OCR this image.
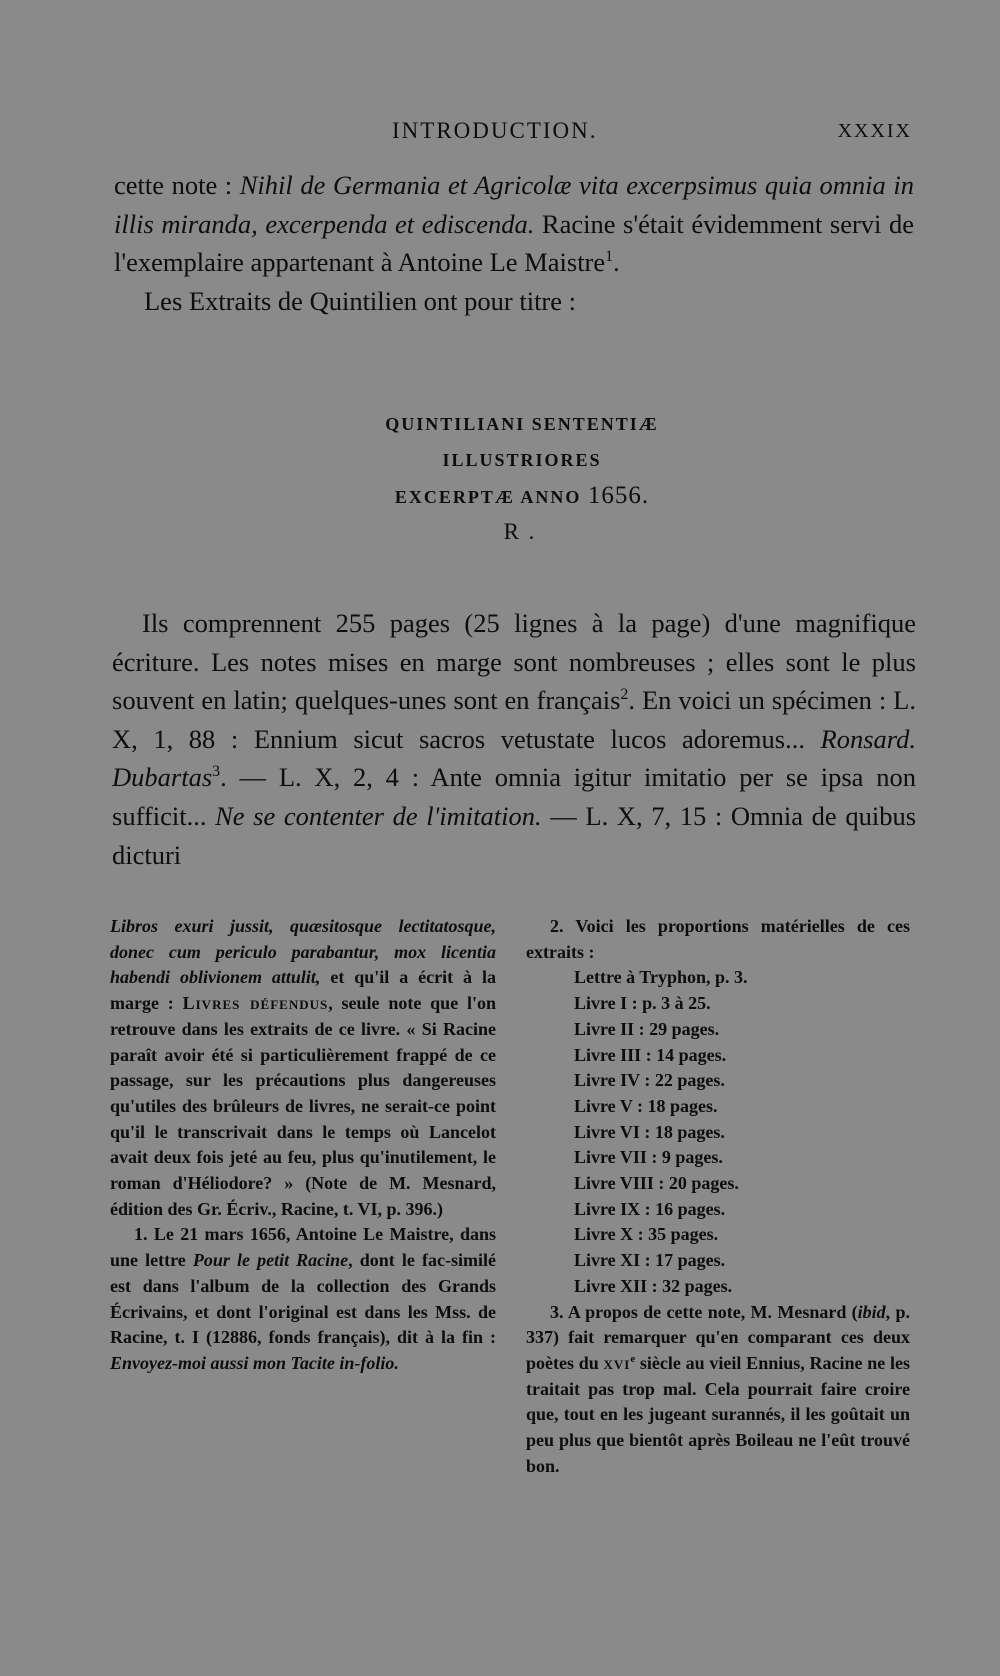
INTRODUCTION.	XXXIX

cette note : Nihil de Germania et Agricolæ vita excerpsimus quia omnia in illis miranda, excerpenda et ediscenda. Racine s'était évidemment servi de l'exemplaire appartenant à Antoine Le Maistre$^1$.

Les Extraits de Quintilien ont pour titre :

QUINTILIANI SENTENTIÆ
ILLUSTRIORES
EXCERPTÆ ANNO 1656.
R .

Ils comprennent 255 pages (25 lignes à la page) d'une magnifique écriture. Les notes mises en marge sont nombreuses ; elles sont le plus souvent en latin; quelques-unes sont en français$^2$. En voici un spécimen : L. X, 1, 88 : Ennium sicut sacros vetustate lucos adoremus... Ronsard. Dubartas$^3$. — L. X, 2, 4 : Ante omnia igitur imitatio per se ipsa non sufficit... Ne se contenter de l'imitation. — L. X, 7, 15 : Omnia de quibus dicturi

Libros exuri jussit, quæsitosque lectitatosque, donec cum periculo parabantur, mox licentia habendi oblivionem attulit, et qu'il a écrit à la marge : Livres défendus, seule note que l'on retrouve dans les extraits de ce livre. « Si Racine paraît avoir été si particulièrement frappé de ce passage, sur les précautions plus dangereuses qu'utiles des brûleurs de livres, ne serait-ce point qu'il le transcrivait dans le temps où Lancelot avait deux fois jeté au feu, plus qu'inutilement, le roman d'Héliodore? » (Note de M. Mesnard, édition des Gr. Écriv., Racine, t. VI, p. 396.)

1. Le 21 mars 1656, Antoine Le Maistre, dans une lettre Pour le petit Racine, dont le fac-similé est dans l'album de la collection des Grands Écrivains, et dont l'original est dans les Mss. de Racine, t. I (12886, fonds français), dit à la fin : Envoyez-moi aussi mon Tacite in-folio.

2. Voici les proportions matérielles de ces extraits :

Lettre à Tryphon, p. 3.
Livre I : p. 3 à 25.
Livre II : 29 pages.
Livre III : 14 pages.
Livre IV : 22 pages.
Livre V : 18 pages.
Livre VI : 18 pages.
Livre VII : 9 pages.
Livre VIII : 20 pages.
Livre IX : 16 pages.
Livre X : 35 pages.
Livre XI : 17 pages.
Livre XII : 32 pages.

3. A propos de cette note, M. Mesnard (ibid, p. 337) fait remarquer qu'en comparant ces deux poètes du xvi$^e$ siècle au vieil Ennius, Racine ne les traitait pas trop mal. Cela pourrait faire croire que, tout en les jugeant surannés, il les goûtait un peu plus que bientôt après Boileau ne l'eût trouvé bon.
